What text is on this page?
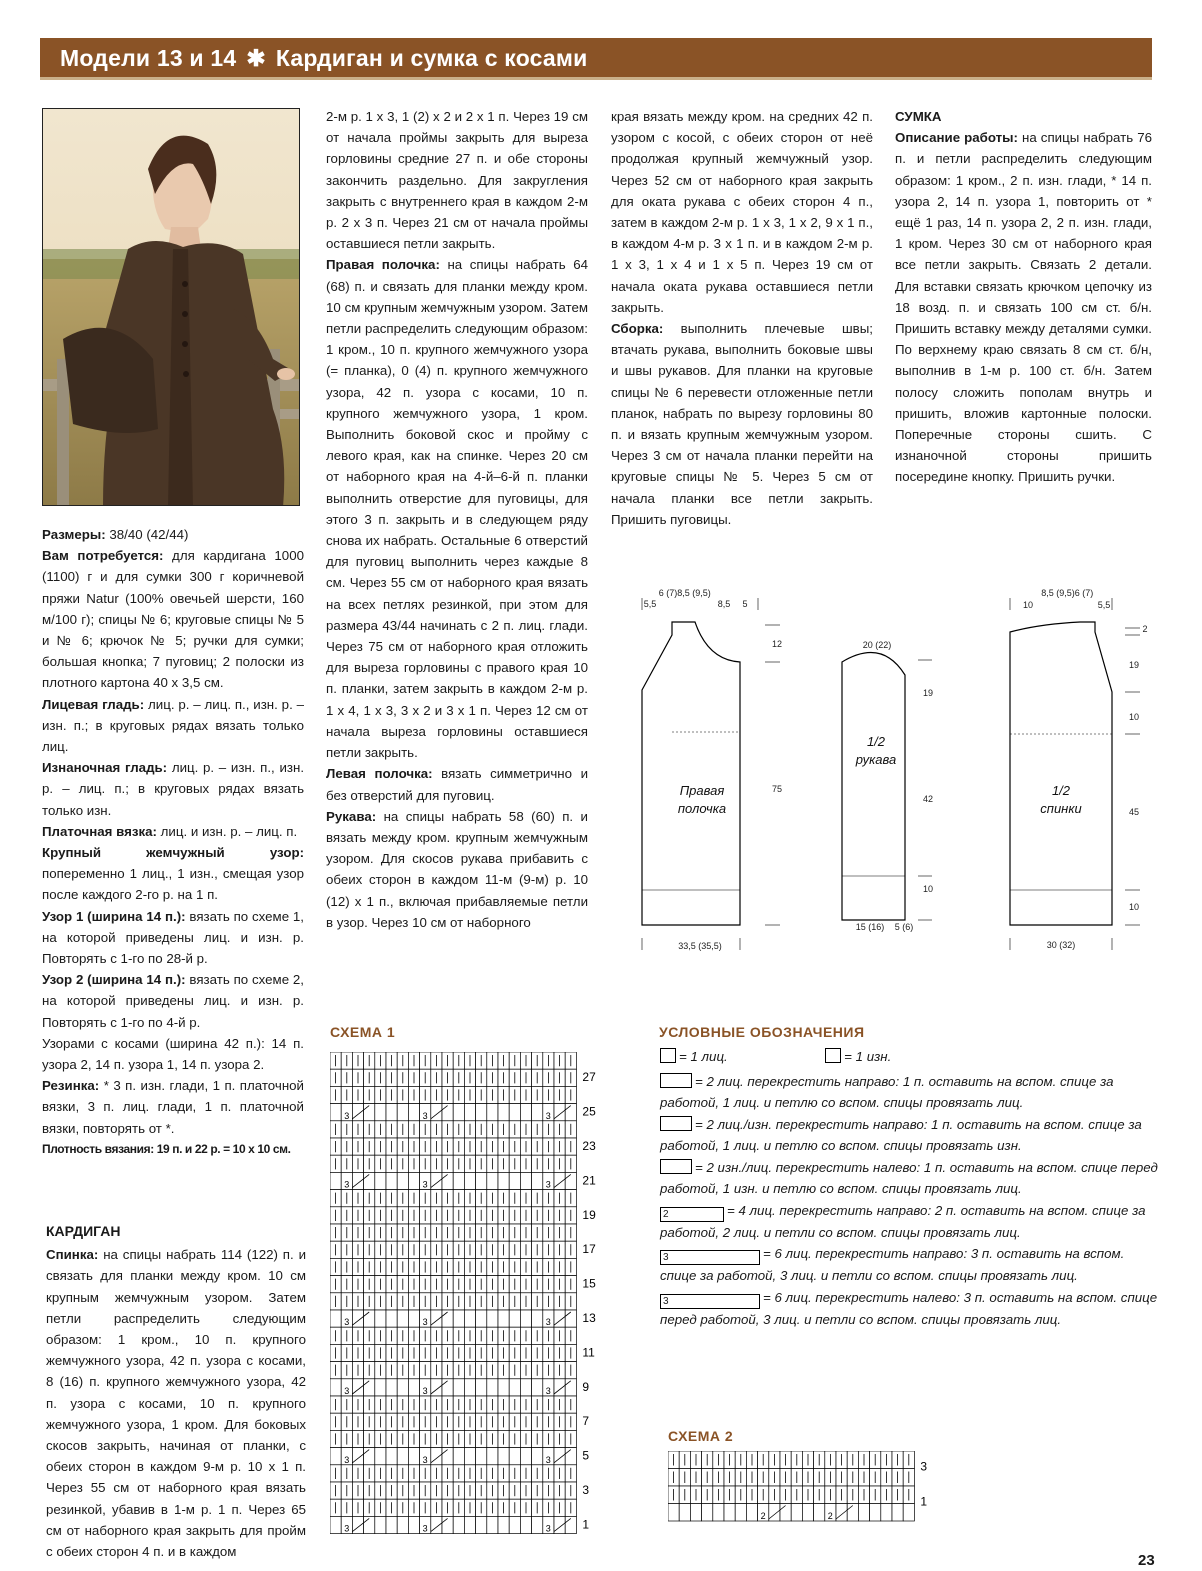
Модели 13 и 14 ✱ Кардиган и сумка с косами

Размеры: 38/40 (42/44)

Вам потребуется: для кардигана 1000 (1100) г и для сумки 300 г коричневой пряжи Natur (100% овечьей шерсти, 160 м/100 г); спицы № 6; круговые спицы № 5 и № 6; крючок № 5; ручки для сумки; большая кнопка; 7 пуговиц; 2 полоски из плотного картона 40 x 3,5 см.

Лицевая гладь: лиц. р. – лиц. п., изн. р. – изн. п.; в круговых рядах вязать только лиц.

Изнаночная гладь: лиц. р. – изн. п., изн. р. – лиц. п.; в круговых рядах вязать только изн.

Платочная вязка: лиц. и изн. р. – лиц. п.

Крупный жемчужный узор: попеременно 1 лиц., 1 изн., смещая узор после каждого 2-го р. на 1 п.

Узор 1 (ширина 14 п.): вязать по схеме 1, на которой приведены лиц. и изн. р. Повторять с 1-го по 28-й р.

Узор 2 (ширина 14 п.): вязать по схеме 2, на которой приведены лиц. и изн. р. Повторять с 1-го по 4-й р.

Узорами с косами (ширина 42 п.): 14 п. узора 2, 14 п. узора 1, 14 п. узора 2.

Резинка: * 3 п. изн. глади, 1 п. платочной вязки, 3 п. лиц. глади, 1 п. платочной вязки, повторять от *.

Плотность вязания: 19 п. и 22 р. = 10 x 10 см.

КАРДИГАН

Спинка: на спицы набрать 114 (122) п. и связать для планки между кром. 10 см крупным жемчужным узором. Затем петли распределить следующим образом: 1 кром., 10 п. крупного жемчужного узора, 42 п. узора с косами, 8 (16) п. крупного жемчужного узора, 42 п. узора с косами, 10 п. крупного жемчужного узора, 1 кром. Для боковых скосов закрыть, начиная от планки, с обеих сторон в каждом 9-м р. 10 x 1 п. Через 55 см от наборного края вязать резинкой, убавив в 1-м р. 1 п. Через 65 см от наборного края закрыть для пройм с обеих сторон 4 п. и в каждом

2-м р. 1 x 3, 1 (2) x 2 и 2 x 1 п. Через 19 см от начала проймы закрыть для выреза горловины средние 27 п. и обе стороны закончить раздельно. Для закругления закрыть с внутреннего края в каждом 2-м р. 2 x 3 п. Через 21 см от начала проймы оставшиеся петли закрыть.

Правая полочка: на спицы набрать 64 (68) п. и связать для планки между кром. 10 см крупным жемчужным узором. Затем петли распределить следующим образом: 1 кром., 10 п. крупного жемчужного узора (= планка), 0 (4) п. крупного жемчужного узора, 42 п. узора с косами, 10 п. крупного жемчужного узора, 1 кром. Выполнить боковой скос и пройму с левого края, как на спинке. Через 20 см от наборного края на 4-й–6-й п. планки выполнить отверстие для пуговицы, для этого 3 п. закрыть и в следующем ряду снова их набрать. Остальные 6 отверстий для пуговиц выполнить через каждые 8 см. Через 55 см от наборного края вязать на всех петлях резинкой, при этом для размера 43/44 начинать с 2 п. лиц. глади. Через 75 см от наборного края отложить для выреза горловины с правого края 10 п. планки, затем закрыть в каждом 2-м р. 1 x 4, 1 x 3, 3 x 2 и 3 x 1 п. Через 12 см от начала выреза горловины оставшиеся петли закрыть.

Левая полочка: вязать симметрично и без отверстий для пуговиц.

Рукава: на спицы набрать 58 (60) п. и вязать между кром. крупным жемчужным узором. Для скосов рукава прибавить с обеих сторон в каждом 11-м (9-м) р. 10 (12) x 1 п., включая прибавляемые петли в узор. Через 10 см от наборного

края вязать между кром. на средних 42 п. узором с косой, с обеих сторон от неё продолжая крупный жемчужный узор. Через 52 см от наборного края закрыть для оката рукава с обеих сторон 4 п., затем в каждом 2-м р. 1 x 3, 1 x 2, 9 x 1 п., в каждом 4-м р. 3 x 1 п. и в каждом 2-м р. 1 x 3, 1 x 4 и 1 x 5 п. Через 19 см от начала оката рукава оставшиеся петли закрыть.

Сборка: выполнить плечевые швы; втачать рукава, выполнить боковые швы и швы рукавов. Для планки на круговые спицы № 6 перевести отложенные петли планок, набрать по вырезу горловины 80 п. и вязать крупным жемчужным узором. Через 3 см от начала планки перейти на круговые спицы № 5. Через 5 см от начала планки все петли закрыть. Пришить пуговицы.

СУМКА

Описание работы: на спицы набрать 76 п. и петли распределить следующим образом: 1 кром., 2 п. изн. глади, * 14 п. узора 2, 14 п. узора 1, повторить от * ещё 1 раз, 14 п. узора 2, 2 п. изн. глади, 1 кром. Через 30 см от наборного края все петли закрыть. Связать 2 детали. Для вставки связать крючком цепочку из 18 возд. п. и связать 100 см ст. б/н. Пришить вставку между деталями сумки. По верхнему краю связать 8 см ст. б/н, выполнив в 1-м р. 100 ст. б/н. Затем полосу сложить пополам внутрь и пришить, вложив картонные полоски. Поперечные стороны сшить. С изнаночной стороны пришить посередине кнопку. Пришить ручки.

Правая
полочка
1/2
рукава
1/2
спинки
5,5
6 (7) 8,5 (9,5)
8,5 5
12
75
33,5 (35,5)
20 (22)
19
42
10
15 (16) 5 (6)
10
8,5 (9,5) 6 (7)
5,5
2
19
10
45
10
30 (32)
СХЕМА 1	УСЛОВНЫЕ ОБОЗНАЧЕНИЯ
СХЕМА 2
3	3	3
3	3	3
3	3	3
3	3	3
3	3	3
3	3	3
27
25
23
21
19
17
15
13
11
9
7
5
3
1
2	2
3
1
= 1 лиц.	= 1 изн.
= 2 лиц. перекрестить направо: 1 п. оставить на вспом. спице за работой, 1 лиц. и петлю со вспом. спицы провязать лиц.
= 2 лиц./изн. перекрестить направо: 1 п. оставить на вспом. спице за работой, 1 лиц. и петлю со вспом. спицы провязать изн.
= 2 изн./лиц. перекрестить налево: 1 п. оставить на вспом. спице перед работой, 1 изн. и петлю со вспом. спицы провязать лиц.
2	= 4 лиц. перекрестить направо: 2 п. оставить на вспом. спице за работой, 2 лиц. и петли со вспом. спицы провязать лиц.
3	= 6 лиц. перекрестить направо: 3 п. оставить на вспом. спице за работой, 3 лиц. и петли со вспом. спицы провязать лиц.
3	= 6 лиц. перекрестить налево: 3 п. оставить на вспом. спице перед работой, 3 лиц. и петли со вспом. спицы провязать лиц.
23
